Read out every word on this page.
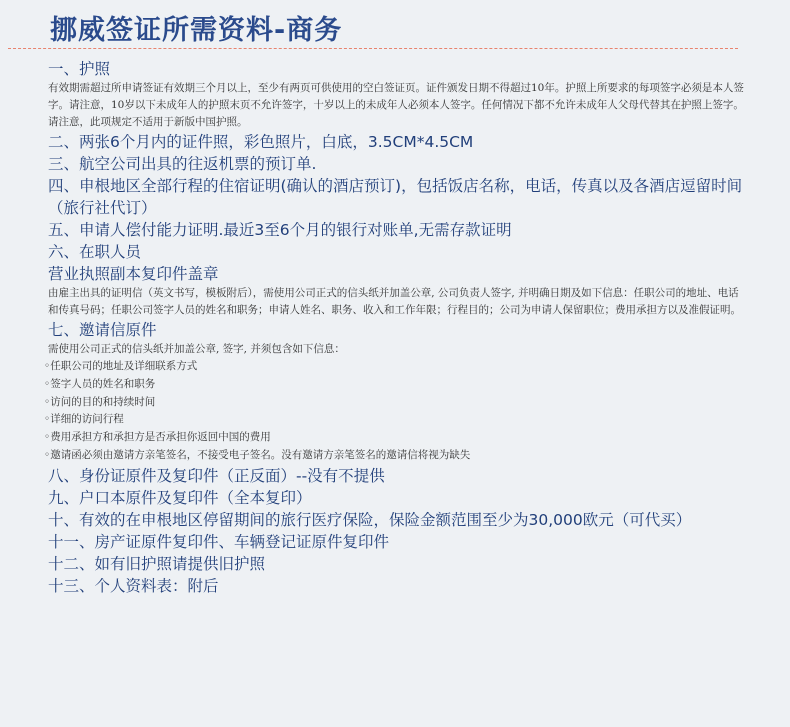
挪威签证所需资料-商务
一、护照
有效期需超过所申请签证有效期三个月以上，至少有两页可供使用的空白签证页。证件颁发日期不得超过10年。护照上所要求的每项签字必须是本人签字。请注意，10岁以下未成年人的护照末页不允许签字，十岁以上的未成年人必须本人签字。任何情况下都不允许未成年人父母代替其在护照上签字。请注意，此项规定不适用于新版中国护照。
二、两张6个月内的证件照，彩色照片，白底，3.5CM*4.5CM
三、航空公司出具的往返机票的预订单.
四、申根地区全部行程的住宿证明(确认的酒店预订)，包括饭店名称，电话，传真以及各酒店逗留时间（旅行社代订）
五、申请人偿付能力证明.最近3至6个月的银行对账单,无需存款证明
六、在职人员
营业执照副本复印件盖章
由雇主出具的证明信（英文书写，模板附后），需使用公司正式的信头纸并加盖公章, 公司负责人签字, 并明确日期及如下信息：任职公司的地址、电话和传真号码；任职公司签字人员的姓名和职务；申请人姓名、职务、收入和工作年限；行程目的；公司为申请人保留职位；费用承担方以及准假证明。
七、邀请信原件
需使用公司正式的信头纸并加盖公章, 签字, 并须包含如下信息：
◦任职公司的地址及详细联系方式
◦签字人员的姓名和职务
◦访问的目的和持续时间
◦详细的访问行程
◦费用承担方和承担方是否承担你返回中国的费用
◦邀请函必须由邀请方亲笔签名，不接受电子签名。没有邀请方亲笔签名的邀请信将视为缺失
八、身份证原件及复印件（正反面）--没有不提供
九、户口本原件及复印件（全本复印）
十、有效的在申根地区停留期间的旅行医疗保险，保险金额范围至少为30,000欧元（可代买）
十一、房产证原件复印件、车辆登记证原件复印件
十二、如有旧护照请提供旧护照
十三、个人资料表：附后
